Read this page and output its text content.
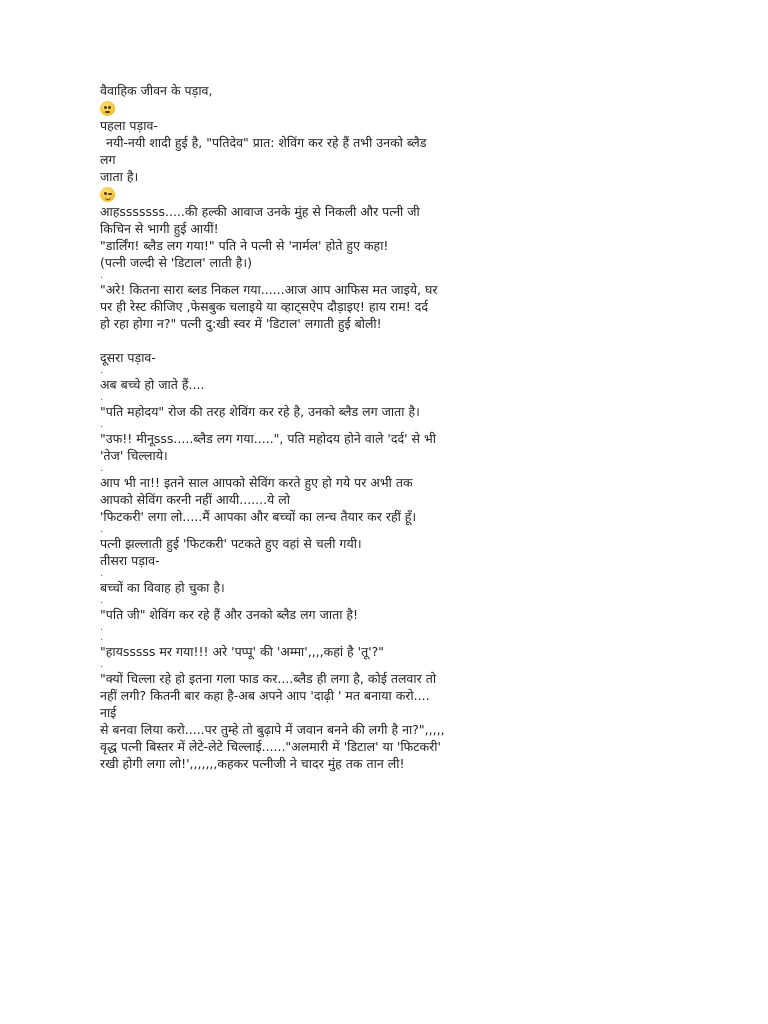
वैवाहिक जीवन के पड़ाव,
पहला पड़ाव-
नयी-नयी शादी हुई है, "पतिदेव" प्रात: शेविंग कर रहे हैं तभी उनको ब्लैड
लग
जाता है।
आहsssssss.....की हल्की आवाज उनके मुंह से निकली और पत्नी जी
किचिन से भागी हुई आयीं!
"डार्लिंग! ब्लैड लग गया!" पति ने पत्नी से 'नार्मल' होते हुए कहा!
(पत्नी जल्दी से 'डिटाल' लाती है।)
.
"अरे! कितना सारा ब्लड निकल गया......आज आप आफिस मत जाइये, घर
पर ही रेस्ट कीजिए ,फेसबुक चलाइये या व्हाट्सऐप दौड़ाइए! हाय राम! दर्द
हो रहा होगा न?" पत्नी दु:खी स्वर में 'डिटाल' लगाती हुई बोली!
दूसरा पड़ाव-
.
अब बच्चे हो जाते हैं....
.
"पति महोदय" रोज की तरह शेविंग कर रहे है, उनको ब्लैड लग जाता है।
.
"उफ!! मीनूsss.....ब्लैड लग गया.....", पति महोदय होने वाले 'दर्द' से भी
'तेज' चिल्लाये।
.
आप भी ना!! इतने साल आपको सेविंग करते हुए हो गये पर अभी तक
आपको सेविंग करनी नहीं आयी.......ये लो
'फिटकरी' लगा लो.....मैं आपका और बच्चों का लन्च तैयार कर रहीं हूँ।
.
पत्नी झल्लाती हुई 'फिटकरी' पटकते हुए वहां से चली गयी।
तीसरा पड़ाव-
.
बच्चों का विवाह हो चुका है।
.
"पति जी" शेविंग कर रहे हैं और उनको ब्लैड लग जाता है!
.
.
"हायsssss मर गया!!! अरे 'पप्पू' की 'अम्मा',,,,कहां है 'तू'?"
.
"क्यों चिल्ला रहे हो इतना गला फाड कर....ब्लैड ही लगा है, कोई तलवार तो
नहीं लगी? कितनी बार कहा है-अब अपने आप 'दाढ़ी ' मत बनाया करो....
नाई
से बनवा लिया करो.....पर तुम्हे तो बुढ़ापे में जवान बनने की लगी है ना?",,,,,
वृद्ध पत्नी बिस्तर में लेटे-लेटे चिल्लाई......"अलमारी में 'डिटाल' या 'फिटकरी'
रखी होगी लगा लो!',,,,,,,कहकर पत्नीजी ने चादर मुंह तक तान ली!
